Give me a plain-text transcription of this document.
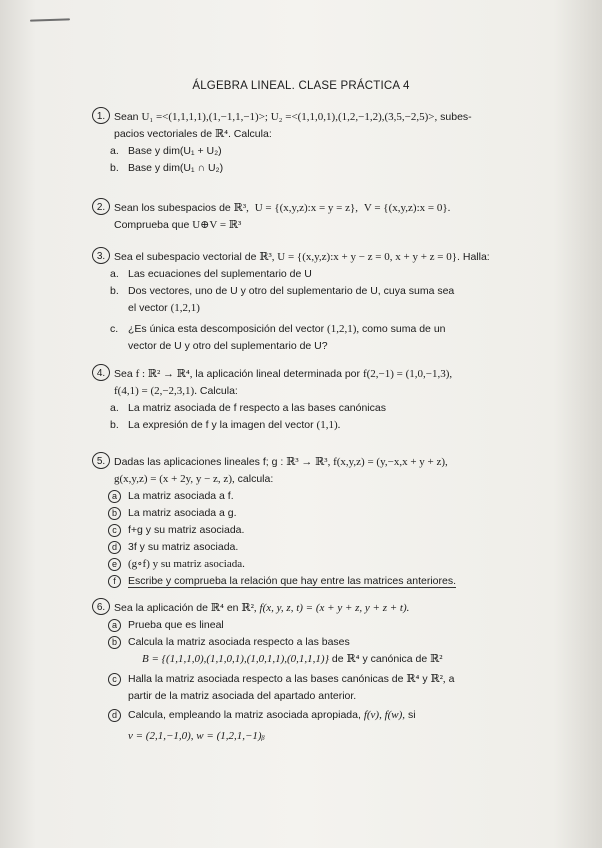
ÁLGEBRA LINEAL. CLASE PRÁCTICA 4
1. Sean U₁ =<(1,1,1,1),(1,−1,1,−1)>; U₂ =<(1,1,0,1),(1,2,−1,2),(3,5,−2,5)>, subes-
pacios vectoriales de ℝ⁴. Calcula:
a. Base y dim(U₁ + U₂)
b. Base y dim(U₁ ∩ U₂)
2. Sean los subespacios de ℝ³, U = {(x,y,z):x = y = z}, V = {(x,y,z):x = 0}.
Comprueba que U⊕V = ℝ³
3. Sea el subespacio vectorial de ℝ³, U = {(x,y,z):x + y − z = 0, x + y + z = 0}. Halla:
a. Las ecuaciones del suplementario de U
b. Dos vectores, uno de U y otro del suplementario de U, cuya suma sea
el vector (1,2,1)
c. ¿Es única esta descomposición del vector (1,2,1), como suma de un
vector de U y otro del suplementario de U?
4. Sea f : ℝ² → ℝ⁴, la aplicación lineal determinada por f(2,−1) = (1,0,−1,3),
f(4,1) = (2,−2,3,1). Calcula:
a. La matriz asociada de f respecto a las bases canónicas
b. La expresión de f y la imagen del vector (1,1).
5. Dadas las aplicaciones lineales f; g : ℝ³ → ℝ³, f(x,y,z) = (y,−x,x + y + z),
g(x,y,z) = (x + 2y, y − z, z), calcula:
a	La matriz asociada a f.
b	La matriz asociada a g.
c	f+g y su matriz asociada.
d	3f y su matriz asociada.
e	(g∘f) y su matriz asociada.
f	Escribe y comprueba la relación que hay entre las matrices anteriores.
6. Sea la aplicación de ℝ⁴ en ℝ², f(x, y, z, t) = (x + y + z, y + z + t).
a	Prueba que es lineal
b	Calcula la matriz asociada respecto a las bases
B = {(1,1,1,0),(1,1,0,1),(1,0,1,1),(0,1,1,1)} de ℝ⁴ y canónica de ℝ²
c	Halla la matriz asociada respecto a las bases canónicas de ℝ⁴ y ℝ², a
partir de la matriz asociada del apartado anterior.
d	Calcula, empleando la matriz asociada apropiada, f(v), f(w), si
v = (2,1,−1,0), w = (1,2,1,−1)ᵦ
